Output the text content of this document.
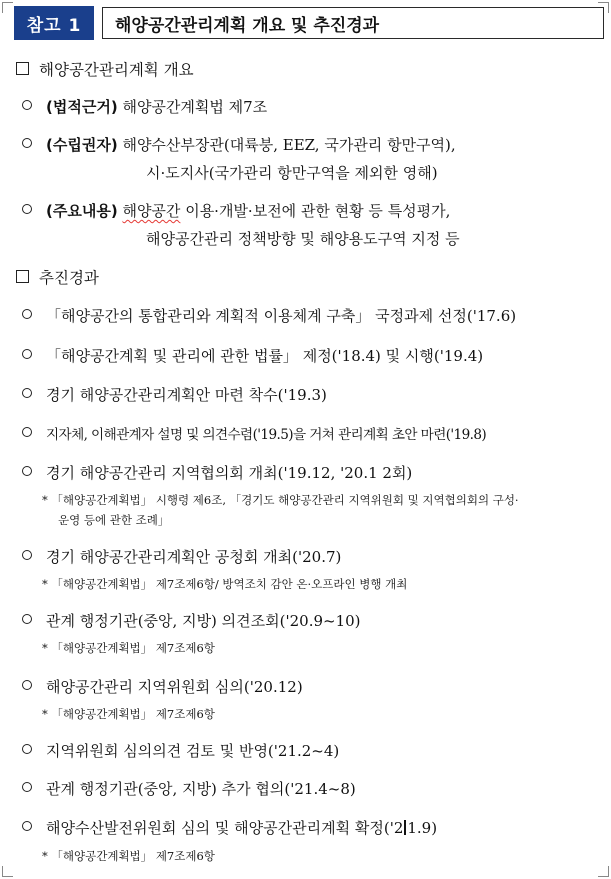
참고 1	해양공간관리계획 개요 및 추진경과
해양공간관리계획 개요
(법적근거) 해양공간계획법 제7조
(수립권자) 해양수산부장관(대륙붕, EEZ, 국가관리 항만구역),
시·도지사(국가관리 항만구역을 제외한 영해)
(주요내용) 해양공간 이용·개발·보전에 관한 현황 등 특성평가,
해양공간관리 정책방향 및 해양용도구역 지정 등
추진경과
「해양공간의 통합관리와 계획적 이용체계 구축」 국정과제 선정('17.6)
「해양공간계획 및 관리에 관한 법률」 제정('18.4) 및 시행('19.4)
경기 해양공간관리계획안 마련 착수('19.3)
지자체, 이해관계자 설명 및 의견수렴('19.5)을 거쳐 관리계획 초안 마련('19.8)
경기 해양공간관리 지역협의회 개최('19.12, '20.1 2회)
* 「해양공간계획법」 시행령 제6조, 「경기도 해양공간관리 지역위원회 및 지역협의회의 구성·
운영 등에 관한 조례」
경기 해양공간관리계획안 공청회 개최('20.7)
* 「해양공간계획법」 제7조제6항/ 방역조치 감안 온·오프라인 병행 개최
관계 행정기관(중앙, 지방) 의견조회('20.9~10)
* 「해양공간계획법」 제7조제6항
해양공간관리 지역위원회 심의('20.12)
* 「해양공간계획법」 제7조제6항
지역위원회 심의의견 검토 및 반영('21.2~4)
관계 행정기관(중앙, 지방) 추가 협의('21.4~8)
해양수산발전위원회 심의 및 해양공간관리계획 확정('2 1.9)
* 「해양공간계획법」 제7조제6항
